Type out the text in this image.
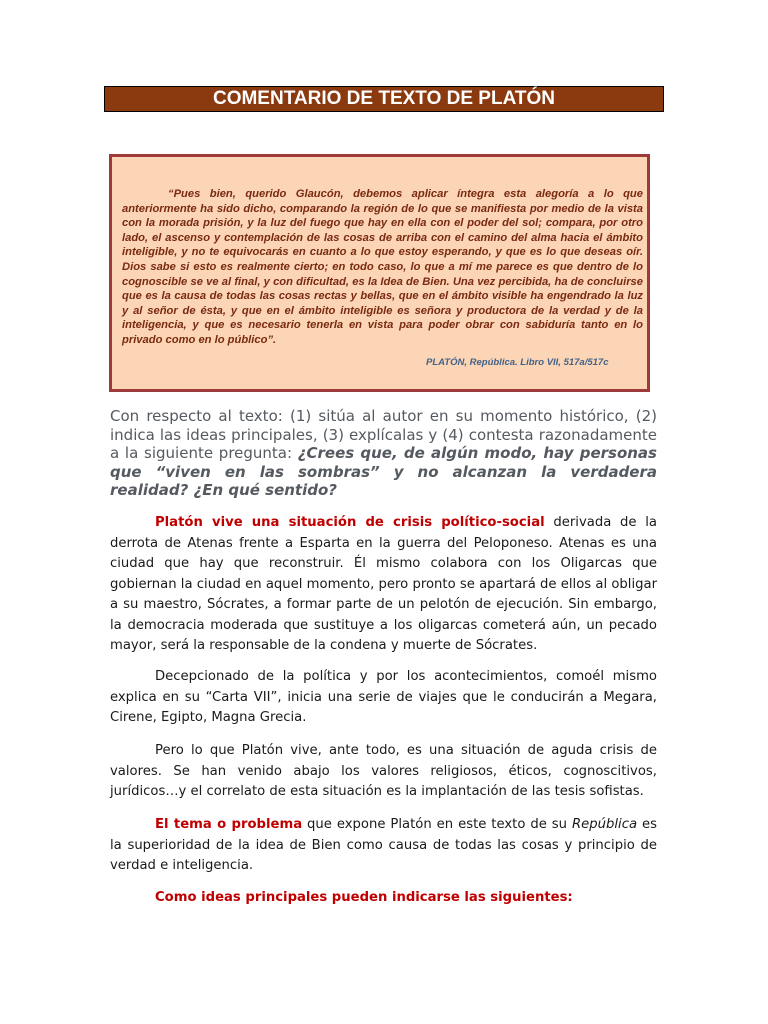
COMENTARIO DE TEXTO DE PLATÓN

“Pues bien, querido Glaucón, debemos aplicar íntegra esta alegoría a lo que anteriormente ha sido dicho, comparando la región de lo que se manifiesta por medio de la vista con la morada prisión, y la luz del fuego que hay en ella con el poder del sol; compara, por otro lado, el ascenso y contemplación de las cosas de arriba con el camino del alma hacia el ámbito inteligible, y no te equivocarás en cuanto a lo que estoy esperando, y que es lo que deseas oír. Dios sabe si esto es realmente cierto; en todo caso, lo que a mí me parece es que dentro de lo cognoscible se ve al final, y con dificultad, es la Idea de Bien. Una vez percibida, ha de concluirse que es la causa de todas las cosas rectas y bellas, que en el ámbito visible ha engendrado la luz y al señor de ésta, y que en el ámbito inteligible es señora y productora de la verdad y de la inteligencia, y que es necesario tenerla en vista para poder obrar con sabiduría tanto en lo privado como en lo público”.

PLATÓN, República. Libro VII, 517a/517c

Con respecto al texto: (1) sitúa al autor en su momento histórico, (2) indica las ideas principales, (3) explícalas y (4) contesta razonadamente a la siguiente pregunta: ¿Crees que, de algún modo, hay personas que “viven en las sombras” y no alcanzan la verdadera realidad? ¿En qué sentido?

Platón vive una situación de crisis político-social derivada de la derrota de Atenas frente a Esparta en la guerra del Peloponeso. Atenas es una ciudad que hay que reconstruir. Él mismo colabora con los Oligarcas que gobiernan la ciudad en aquel momento, pero pronto se apartará de ellos al obligar a su maestro, Sócrates, a formar parte de un pelotón de ejecución. Sin embargo, la democracia moderada que sustituye a los oligarcas cometerá aún, un pecado mayor, será la responsable de la condena y muerte de Sócrates.

Decepcionado de la política y por los acontecimientos, comoél mismo explica en su “Carta VII”, inicia una serie de viajes que le conducirán a Megara, Cirene, Egipto, Magna Grecia.

Pero lo que Platón vive, ante todo, es una situación de aguda crisis de valores. Se han venido abajo los valores religiosos, éticos, cognoscitivos, jurídicos…y el correlato de esta situación es la implantación de las tesis sofistas.

El tema o problema que expone Platón en este texto de su República es la superioridad de la idea de Bien como causa de todas las cosas y principio de verdad e inteligencia.

Como ideas principales pueden indicarse las siguientes:
